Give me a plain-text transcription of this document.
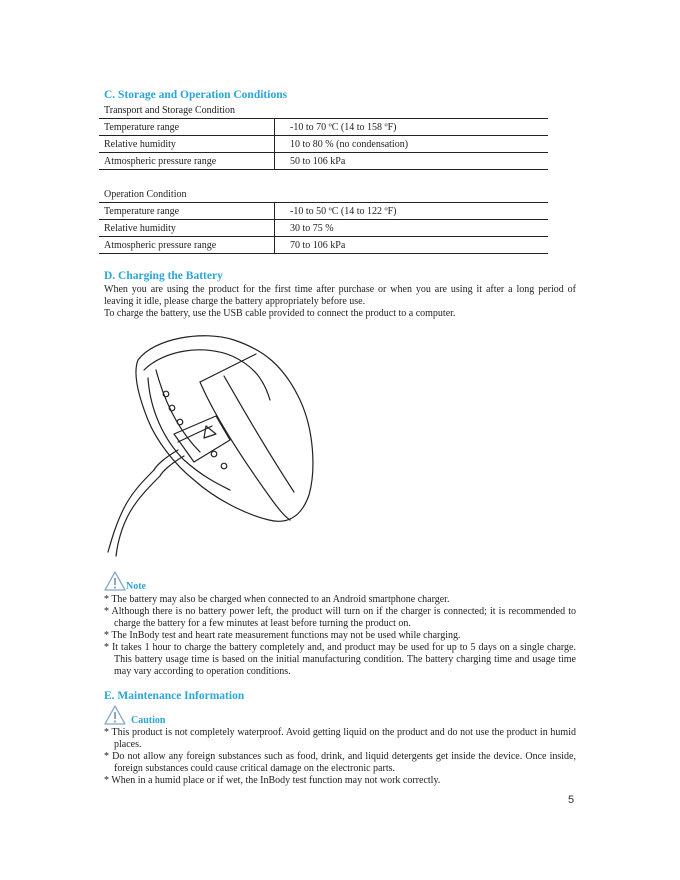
C. Storage and Operation Conditions
Transport and Storage Condition
Temperature range	-10 to 70 ºC (14 to 158 ºF)
Relative humidity	10 to 80 % (no condensation)
Atmospheric pressure range	50 to 106 kPa
Operation Condition
Temperature range	-10 to 50 ºC (14 to 122 ºF)
Relative humidity	30 to 75 %
Atmospheric pressure range	70 to 106 kPa
D. Charging the Battery
When you are using the product for the first time after purchase or when you are using it after a long period of leaving it idle, please charge the battery appropriately before use.
To charge the battery, use the USB cable provided to connect the product to a computer.
Note
* The battery may also be charged when connected to an Android smartphone charger.
* Although there is no battery power left, the product will turn on if the charger is connected; it is recommended to charge the battery for a few minutes at least before turning the product on.
* The InBody test and heart rate measurement functions may not be used while charging.
* It takes 1 hour to charge the battery completely and, and product may be used for up to 5 days on a single charge. This battery usage time is based on the initial manufacturing condition. The battery charging time and usage time may vary according to operation conditions.
E. Maintenance Information
Caution
* This product is not completely waterproof. Avoid getting liquid on the product and do not use the product in humid places.
* Do not allow any foreign substances such as food, drink, and liquid detergents get inside the device. Once inside, foreign substances could cause critical damage on the electronic parts.
* When in a humid place or if wet, the InBody test function may not work correctly.
5
